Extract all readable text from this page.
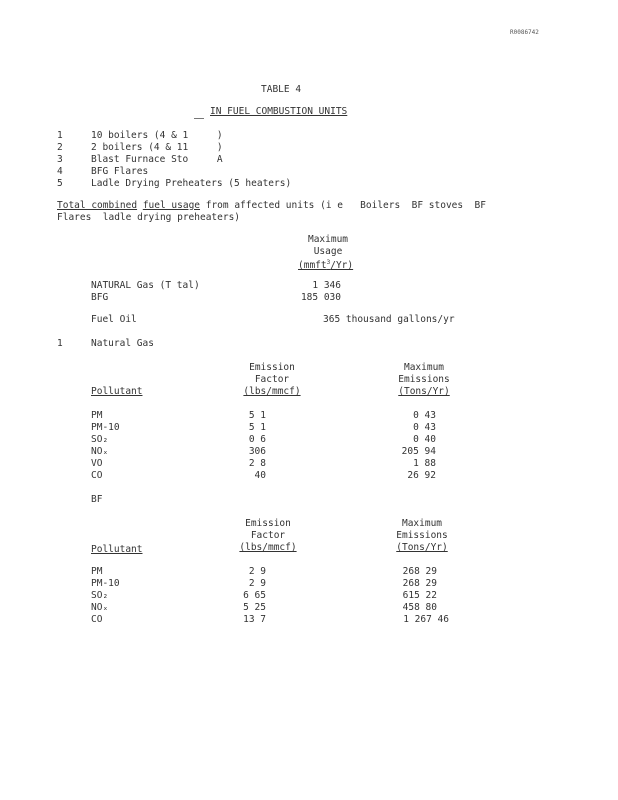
R0086742
TABLE 4
IN FUEL COMBUSTION UNITS
1	10 boilers (4 & 1     )
2	2 boilers (4 & 11     )
3	Blast Furnace Sto     A
4	BFG Flares
5	Ladle Drying Preheaters (5 heaters)
Total combined fuel usage from affected units (i e   Boilers  BF stoves  BF
Flares  ladle drying preheaters)
Maximum
Usage
(mmft$^3$/Yr)
NATURAL Gas (T tal)	1 346
BFG	185 030
Fuel Oil	365 thousand gallons/yr
1	Natural Gas
Emission
Factor
(lbs/mmcf)
Maximum
Emissions
(Tons/Yr)
Pollutant
PM	5 1	0 43
PM-10	5 1	0 43
SO₂	0 6	0 40
NOₓ	306	205 94
VO	2 8	1 88
CO	40	26 92
BF
Emission
Factor
(lbs/mmcf)
Maximum
Emissions
(Tons/Yr)
Pollutant
PM	2 9	268 29
PM-10	2 9	268 29
SO₂	6 65	615 22
NOₓ	5 25	458 80
CO	13 7	1 267 46
